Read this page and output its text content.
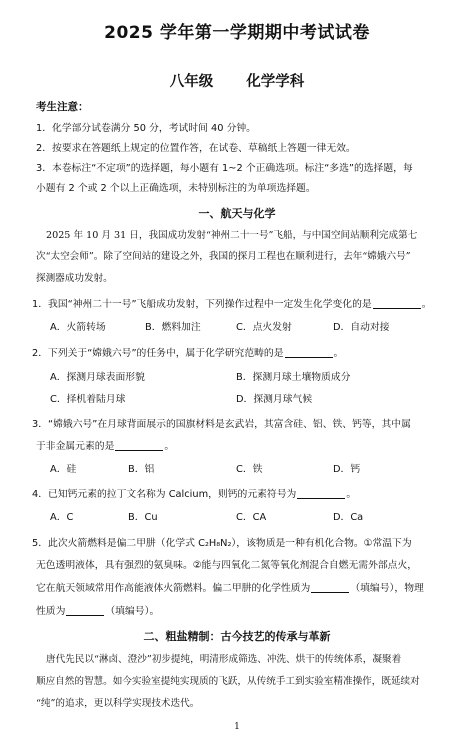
2025 学年第一学期期中考试试卷
八年级 化学学科
考生注意：
1．化学部分试卷满分 50 分，考试时间 40 分钟。
2．按要求在答题纸上规定的位置作答，在试卷、草稿纸上答题一律无效。
3．本卷标注“不定项”的选择题，每小题有 1~2 个正确选项。标注“多选”的选择题，每
小题有 2 个或 2 个以上正确选项，未特别标注的为单项选择题。
一、航天与化学
2025 年 10 月 31 日，我国成功发射“神州二十一号”飞船，与中国空间站顺利完成第七
次“太空会师”。除了空间站的建设之外，我国的探月工程也在顺利进行，去年“嫦娥六号”
探测器成功发射。
1．我国“神州二十一号”飞船成功发射，下列操作过程中一定发生化学变化的是	。
A．火箭转场	B．燃料加注	C．点火发射	D．自动对接
2．下列关于“嫦娥六号”的任务中，属于化学研究范畴的是	。
A．探测月球表面形貌	B．探测月球土壤物质成分
C．择机着陆月球	D．探测月球气候
3．“嫦娥六号”在月球背面展示的国旗材料是玄武岩，其富含硅、铝、铁、钙等，其中属
于非金属元素的是	。
A．硅	B．铝	C．铁	D．钙
4．已知钙元素的拉丁文名称为 Calcium，则钙的元素符号为	。
A．C	B．Cu	C．CA	D．Ca
5．此次火箭燃料是偏二甲肼（化学式 C₂H₈N₂），该物质是一种有机化合物。①常温下为
无色透明液体，具有强烈的氨臭味。②能与四氧化二氮等氧化剂混合自燃无需外部点火，
它在航天领域常用作高能液体火箭燃料。偏二甲肼的化学性质为	（填编号），物理
性质为	（填编号）。
二、粗盐精制：古今技艺的传承与革新
唐代先民以“淋卤、澄沙”初步提纯，明清形成筛选、冲洗、烘干的传统体系，凝聚着
顺应自然的智慧。如今实验室提纯实现质的飞跃，从传统手工到实验室精准操作，既延续对
“纯”的追求，更以科学实现技术迭代。
1
